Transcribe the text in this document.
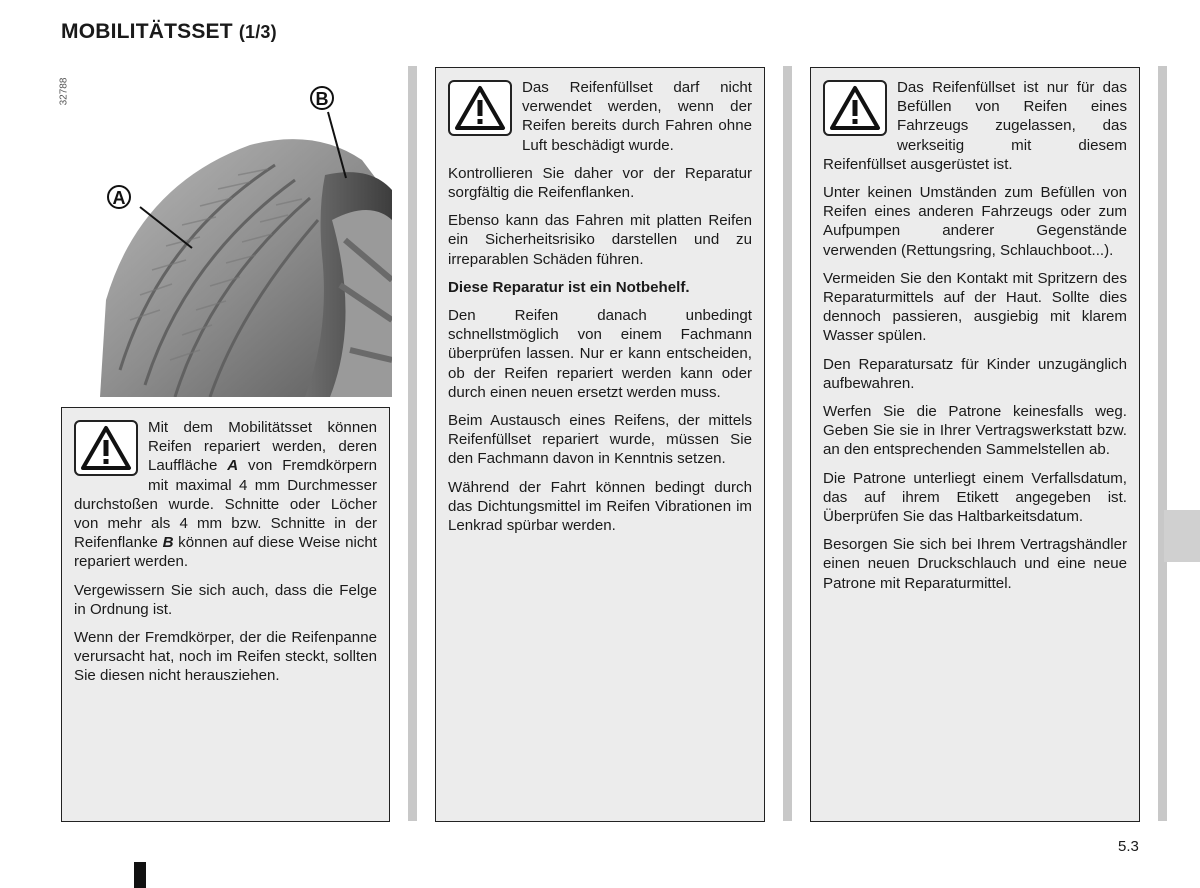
MOBILITÄTSSET (1/3)
32788
A
B

Mit dem Mobilitätsset können Reifen repariert werden, deren Lauffläche A von Fremdkörpern mit maximal 4 mm Durchmesser durchstoßen wurde. Schnitte oder Löcher von mehr als 4 mm bzw. Schnitte in der Reifenflanke B können auf diese Weise nicht repariert werden.

Vergewissern Sie sich auch, dass die Felge in Ordnung ist.

Wenn der Fremdkörper, der die Reifenpanne verursacht hat, noch im Reifen steckt, sollten Sie diesen nicht herausziehen.

Das Reifenfüllset darf nicht verwendet werden, wenn der Reifen bereits durch Fahren ohne Luft beschädigt wurde.

Kontrollieren Sie daher vor der Reparatur sorgfältig die Reifenflanken.

Ebenso kann das Fahren mit platten Reifen ein Sicherheitsrisiko darstellen und zu irreparablen Schäden führen.

Diese Reparatur ist ein Notbehelf.

Den Reifen danach unbedingt schnellstmöglich von einem Fachmann überprüfen lassen. Nur er kann entscheiden, ob der Reifen repariert werden kann oder durch einen neuen ersetzt werden muss.

Beim Austausch eines Reifens, der mittels Reifenfüllset repariert wurde, müssen Sie den Fachmann davon in Kenntnis setzen.

Während der Fahrt können bedingt durch das Dichtungsmittel im Reifen Vibrationen im Lenkrad spürbar werden.

Das Reifenfüllset ist nur für das Befüllen von Reifen eines Fahrzeugs zugelassen, das werkseitig mit diesem Reifenfüllset ausgerüstet ist.

Unter keinen Umständen zum Befüllen von Reifen eines anderen Fahrzeugs oder zum Aufpumpen anderer Gegenstände verwenden (Rettungsring, Schlauchboot...).

Vermeiden Sie den Kontakt mit Spritzern des Reparaturmittels auf der Haut. Sollte dies dennoch passieren, ausgiebig mit klarem Wasser spülen.

Den Reparatursatz für Kinder unzugänglich aufbewahren.

Werfen Sie die Patrone keinesfalls weg. Geben Sie sie in Ihrer Vertragswerkstatt bzw. an den entsprechenden Sammelstellen ab.

Die Patrone unterliegt einem Verfallsdatum, das auf ihrem Etikett angegeben ist. Überprüfen Sie das Haltbarkeitsdatum.

Besorgen Sie sich bei Ihrem Vertragshändler einen neuen Druckschlauch und eine neue Patrone mit Reparaturmittel.

5.3
